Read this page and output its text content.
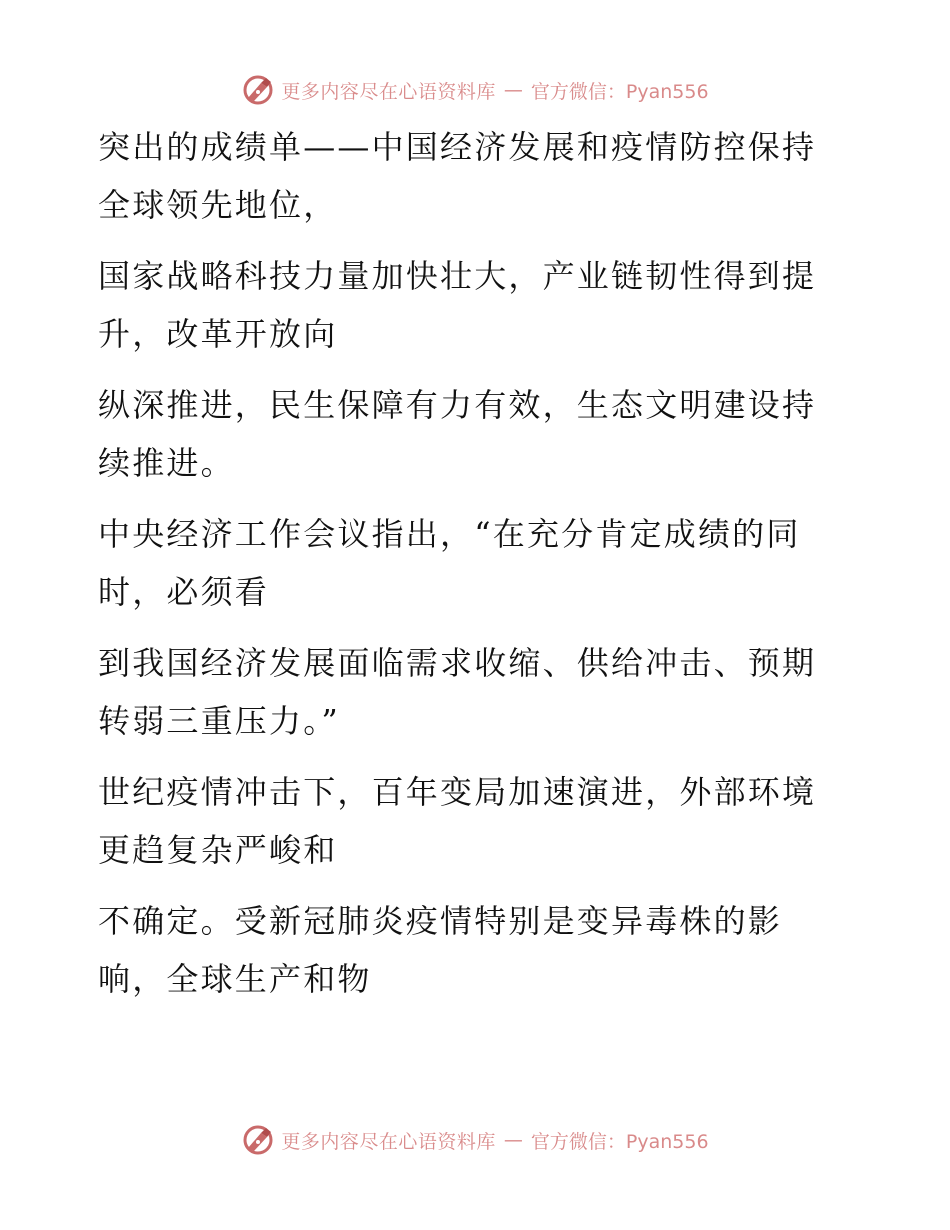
更多内容尽在心语资料库 — 官方微信：Pyan556

突出的成绩单——中国经济发展和疫情防控保持
全球领先地位，

国家战略科技力量加快壮大，产业链韧性得到提
升，改革开放向

纵深推进，民生保障有力有效，生态文明建设持
续推进。

中央经济工作会议指出，“在充分肯定成绩的同
时，必须看

到我国经济发展面临需求收缩、供给冲击、预期
转弱三重压力。”

世纪疫情冲击下，百年变局加速演进，外部环境
更趋复杂严峻和

不确定。受新冠肺炎疫情特别是变异毒株的影
响，全球生产和物

更多内容尽在心语资料库 — 官方微信：Pyan556
